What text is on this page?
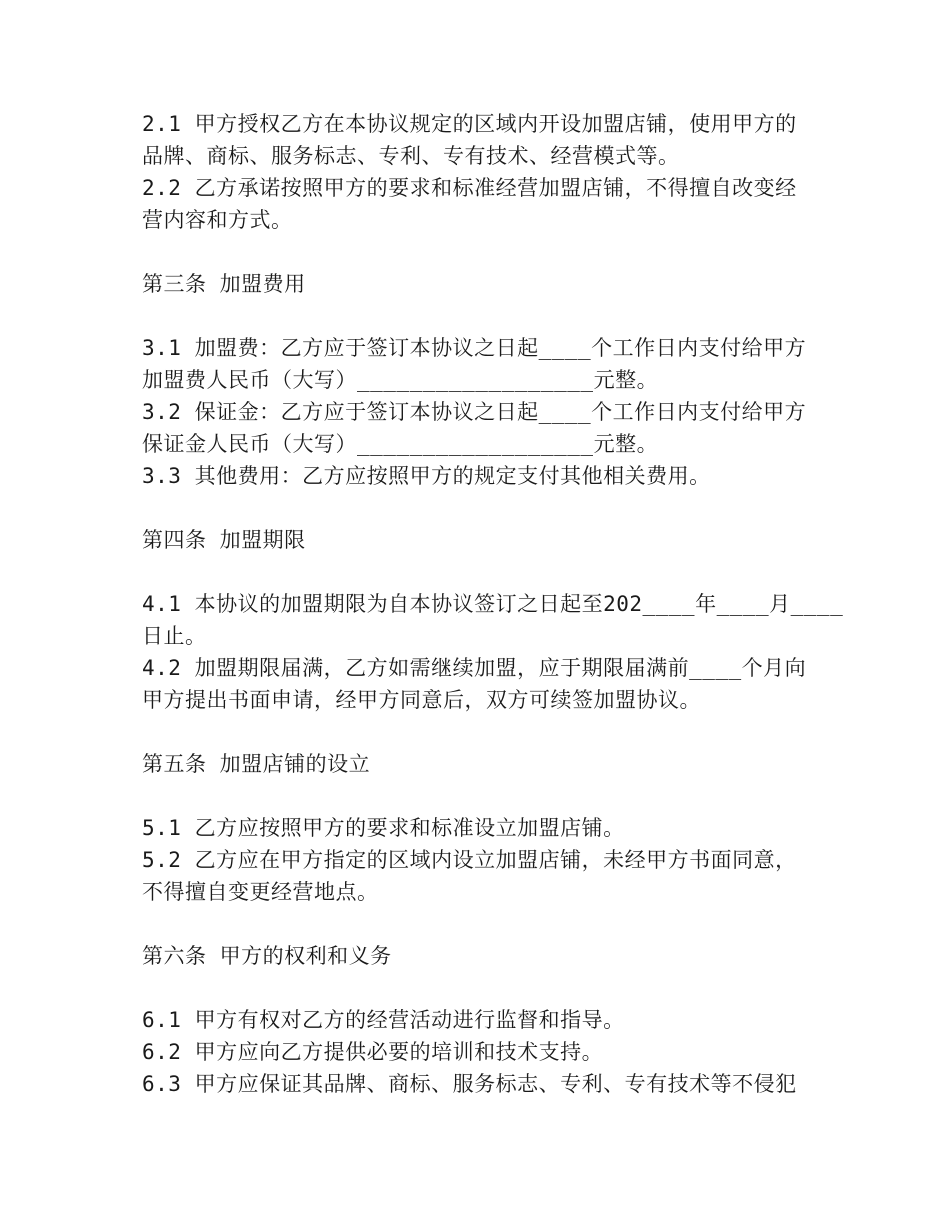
2.1 甲方授权乙方在本协议规定的区域内开设加盟店铺，使用甲方的
品牌、商标、服务标志、专利、专有技术、经营模式等。
2.2 乙方承诺按照甲方的要求和标准经营加盟店铺，不得擅自改变经
营内容和方式。
第三条 加盟费用
3.1 加盟费：乙方应于签订本协议之日起____个工作日内支付给甲方
加盟费人民币（大写）__________________元整。
3.2 保证金：乙方应于签订本协议之日起____个工作日内支付给甲方
保证金人民币（大写）__________________元整。
3.3 其他费用：乙方应按照甲方的规定支付其他相关费用。
第四条 加盟期限
4.1 本协议的加盟期限为自本协议签订之日起至202____年____月____
日止。
4.2 加盟期限届满，乙方如需继续加盟，应于期限届满前____个月向
甲方提出书面申请，经甲方同意后，双方可续签加盟协议。
第五条 加盟店铺的设立
5.1 乙方应按照甲方的要求和标准设立加盟店铺。
5.2 乙方应在甲方指定的区域内设立加盟店铺，未经甲方书面同意，
不得擅自变更经营地点。
第六条 甲方的权利和义务
6.1 甲方有权对乙方的经营活动进行监督和指导。
6.2 甲方应向乙方提供必要的培训和技术支持。
6.3 甲方应保证其品牌、商标、服务标志、专利、专有技术等不侵犯
